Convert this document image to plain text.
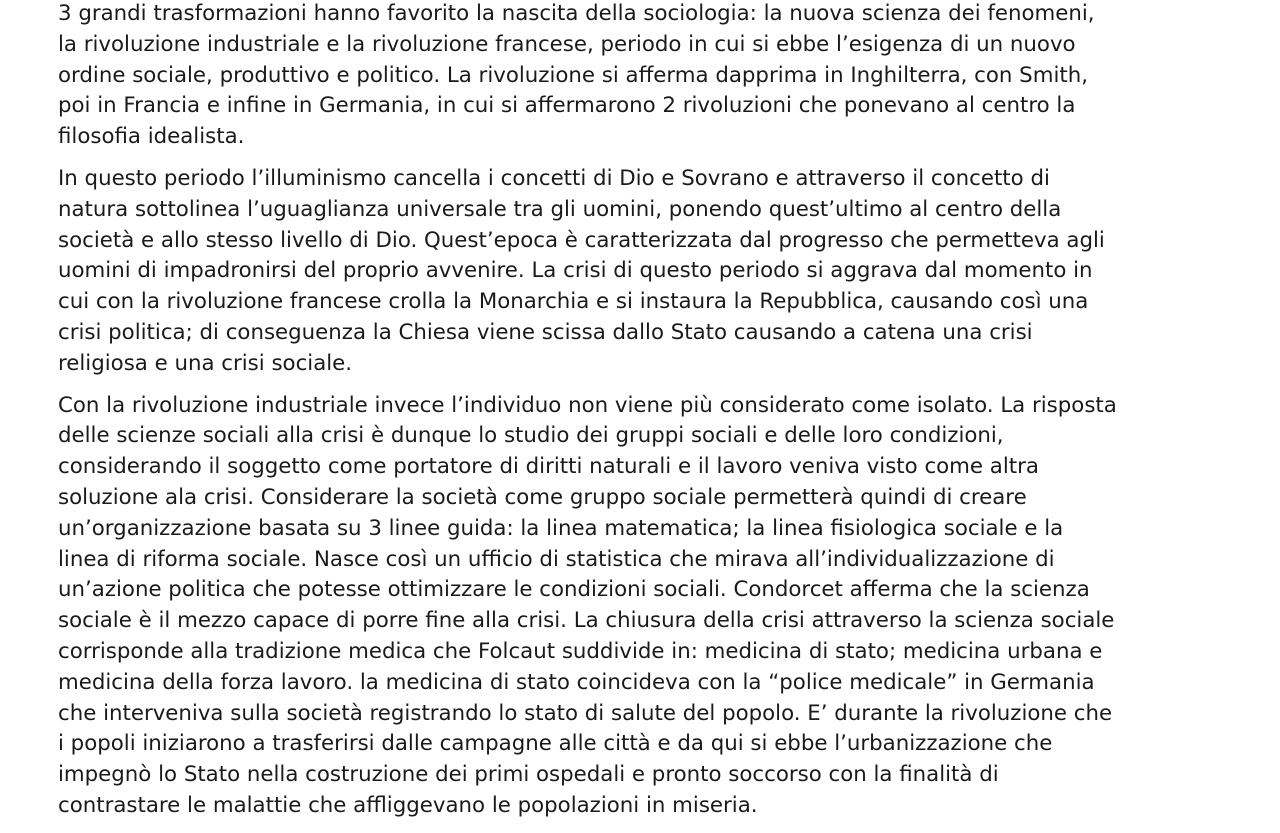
3 grandi trasformazioni hanno favorito la nascita della sociologia: la nuova scienza dei fenomeni,
la rivoluzione industriale e la rivoluzione francese, periodo in cui si ebbe l’esigenza di un nuovo
ordine sociale, produttivo e politico. La rivoluzione si afferma dapprima in Inghilterra, con Smith,
poi in Francia e infine in Germania, in cui si affermarono 2 rivoluzioni che ponevano al centro la
filosofia idealista.

In questo periodo l’illuminismo cancella i concetti di Dio e Sovrano e attraverso il concetto di
natura sottolinea l’uguaglianza universale tra gli uomini, ponendo quest’ultimo al centro della
società e allo stesso livello di Dio. Quest’epoca è caratterizzata dal progresso che permetteva agli
uomini di impadronirsi del proprio avvenire. La crisi di questo periodo si aggrava dal momento in
cui con la rivoluzione francese crolla la Monarchia e si instaura la Repubblica, causando così una
crisi politica; di conseguenza la Chiesa viene scissa dallo Stato causando a catena una crisi
religiosa e una crisi sociale.

Con la rivoluzione industriale invece l’individuo non viene più considerato come isolato. La risposta
delle scienze sociali alla crisi è dunque lo studio dei gruppi sociali e delle loro condizioni,
considerando il soggetto come portatore di diritti naturali e il lavoro veniva visto come altra
soluzione ala crisi. Considerare la società come gruppo sociale permetterà quindi di creare
un’organizzazione basata su 3 linee guida: la linea matematica; la linea fisiologica sociale e la
linea di riforma sociale. Nasce così un ufficio di statistica che mirava all’individualizzazione di
un’azione politica che potesse ottimizzare le condizioni sociali. Condorcet afferma che la scienza
sociale è il mezzo capace di porre fine alla crisi. La chiusura della crisi attraverso la scienza sociale
corrisponde alla tradizione medica che Folcaut suddivide in: medicina di stato; medicina urbana e
medicina della forza lavoro. la medicina di stato coincideva con la “police medicale” in Germania
che interveniva sulla società registrando lo stato di salute del popolo. E’ durante la rivoluzione che
i popoli iniziarono a trasferirsi dalle campagne alle città e da qui si ebbe l’urbanizzazione che
impegnò lo Stato nella costruzione dei primi ospedali e pronto soccorso con la finalità di
contrastare le malattie che affliggevano le popolazioni in miseria.
